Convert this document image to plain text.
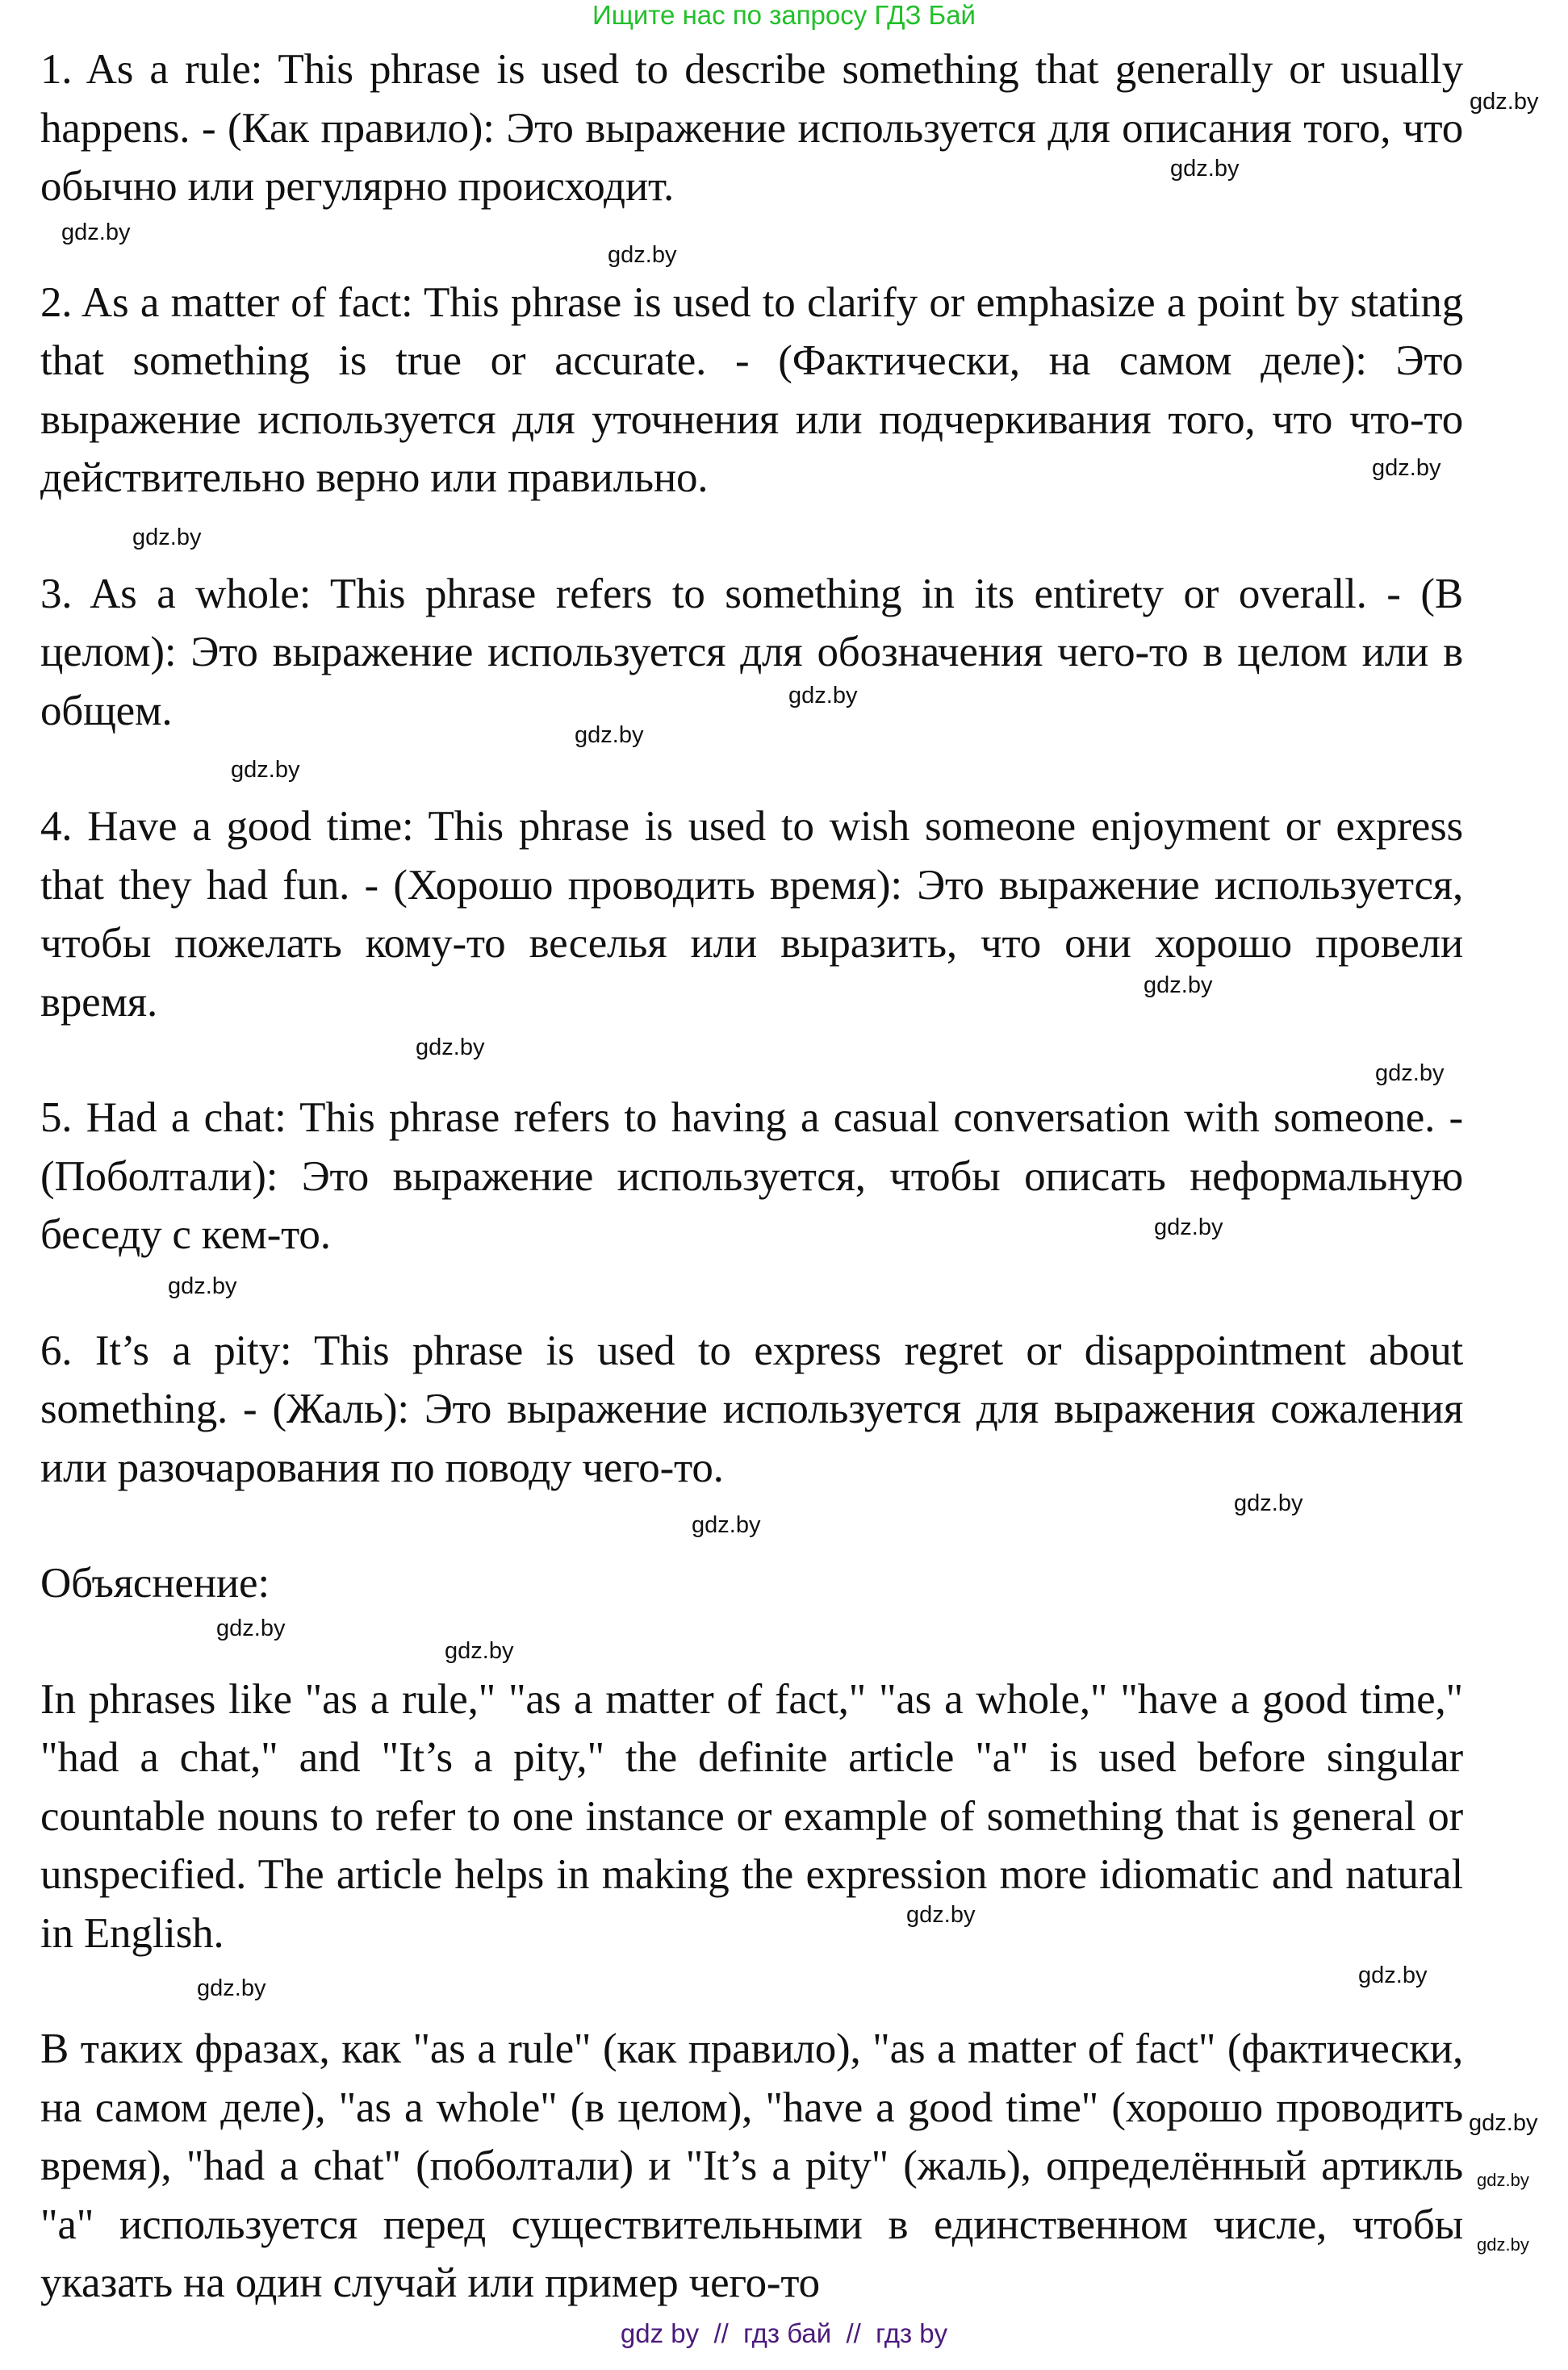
Ищите нас по запросу ГДЗ Бай

1. As a rule: This phrase is used to describe something that generally or usually happens. - (Как правило): Это выражение используется для описания того, что обычно или регулярно происходит.

2. As a matter of fact: This phrase is used to clarify or emphasize a point by stating that something is true or accurate. - (Фактически, на самом деле): Это выражение используется для уточнения или подчеркивания того, что что-то действительно верно или правильно.

3. As a whole: This phrase refers to something in its entirety or overall. - (В целом): Это выражение используется для обозначения чего-то в целом или в общем.

4. Have a good time: This phrase is used to wish someone enjoyment or express that they had fun. - (Хорошо проводить время): Это выражение используется, чтобы пожелать кому-то веселья или выразить, что они хорошо провели время.

5. Had a chat: This phrase refers to having a casual conversation with someone. - (Поболтали): Это выражение используется, чтобы описать неформальную беседу с кем-то.

6. It’s a pity: This phrase is used to express regret or disappointment about something. - (Жаль): Это выражение используется для выражения сожаления или разочарования по поводу чего-то.

Объяснение:

In phrases like "as a rule," "as a matter of fact," "as a whole," "have a good time," "had a chat," and "It’s a pity," the definite article "a" is used before singular countable nouns to refer to one instance or example of something that is general or unspecified. The article helps in making the expression more idiomatic and natural in English.

В таких фразах, как "as a rule" (как правило), "as a matter of fact" (фактически, на самом деле), "as a whole" (в целом), "have a good time" (хорошо проводить время), "had a chat" (поболтали) и "It’s a pity" (жаль), определённый артикль "a" используется перед существительными в единственном числе, чтобы указать на один случай или пример чего-то

gdz.by
gdz.by
gdz.by
gdz.by
gdz.by
gdz.by
gdz.by
gdz.by
gdz.by
gdz.by
gdz.by
gdz.by
gdz.by
gdz.by
gdz.by
gdz.by
gdz.by
gdz.by
gdz.by
gdz.by
gdz.by
gdz.by
gdz.by
gdz.by
gdz by  //  гдз бай  //  гдз by
